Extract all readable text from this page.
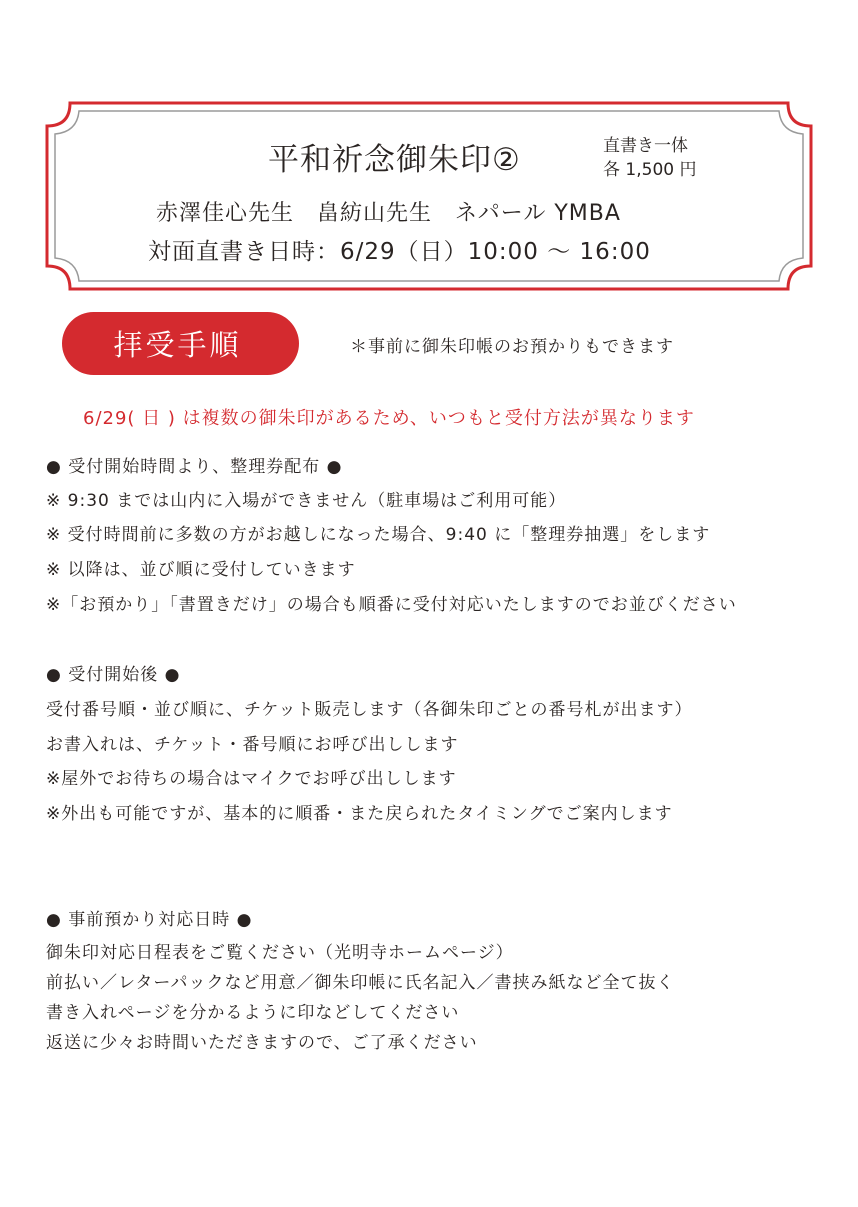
平和祈念御朱印②	直書き一体
各 1,500 円
赤澤佳心先生　畠紡山先生　ネパール YMBA
対面直書き日時：6/29（日）10:00 ～ 16:00
拝受手順	＊事前に御朱印帳のお預かりもできます
6/29( 日 ) は複数の御朱印があるため、いつもと受付方法が異なります
● 受付開始時間より、整理券配布 ●
※ 9:30 までは山内に入場ができません（駐車場はご利用可能）
※ 受付時間前に多数の方がお越しになった場合、9:40 に「整理券抽選」をします
※ 以降は、並び順に受付していきます
※「お預かり」「書置きだけ」の場合も順番に受付対応いたしますのでお並びください
● 受付開始後 ●
受付番号順・並び順に、チケット販売します（各御朱印ごとの番号札が出ます）
お書入れは、チケット・番号順にお呼び出しします
※屋外でお待ちの場合はマイクでお呼び出しします
※外出も可能ですが、基本的に順番・また戻られたタイミングでご案内します
● 事前預かり対応日時 ●
御朱印対応日程表をご覧ください（光明寺ホームページ）
前払い／レターパックなど用意／御朱印帳に氏名記入／書挟み紙など全て抜く
書き入れページを分かるように印などしてください
返送に少々お時間いただきますので、ご了承ください
